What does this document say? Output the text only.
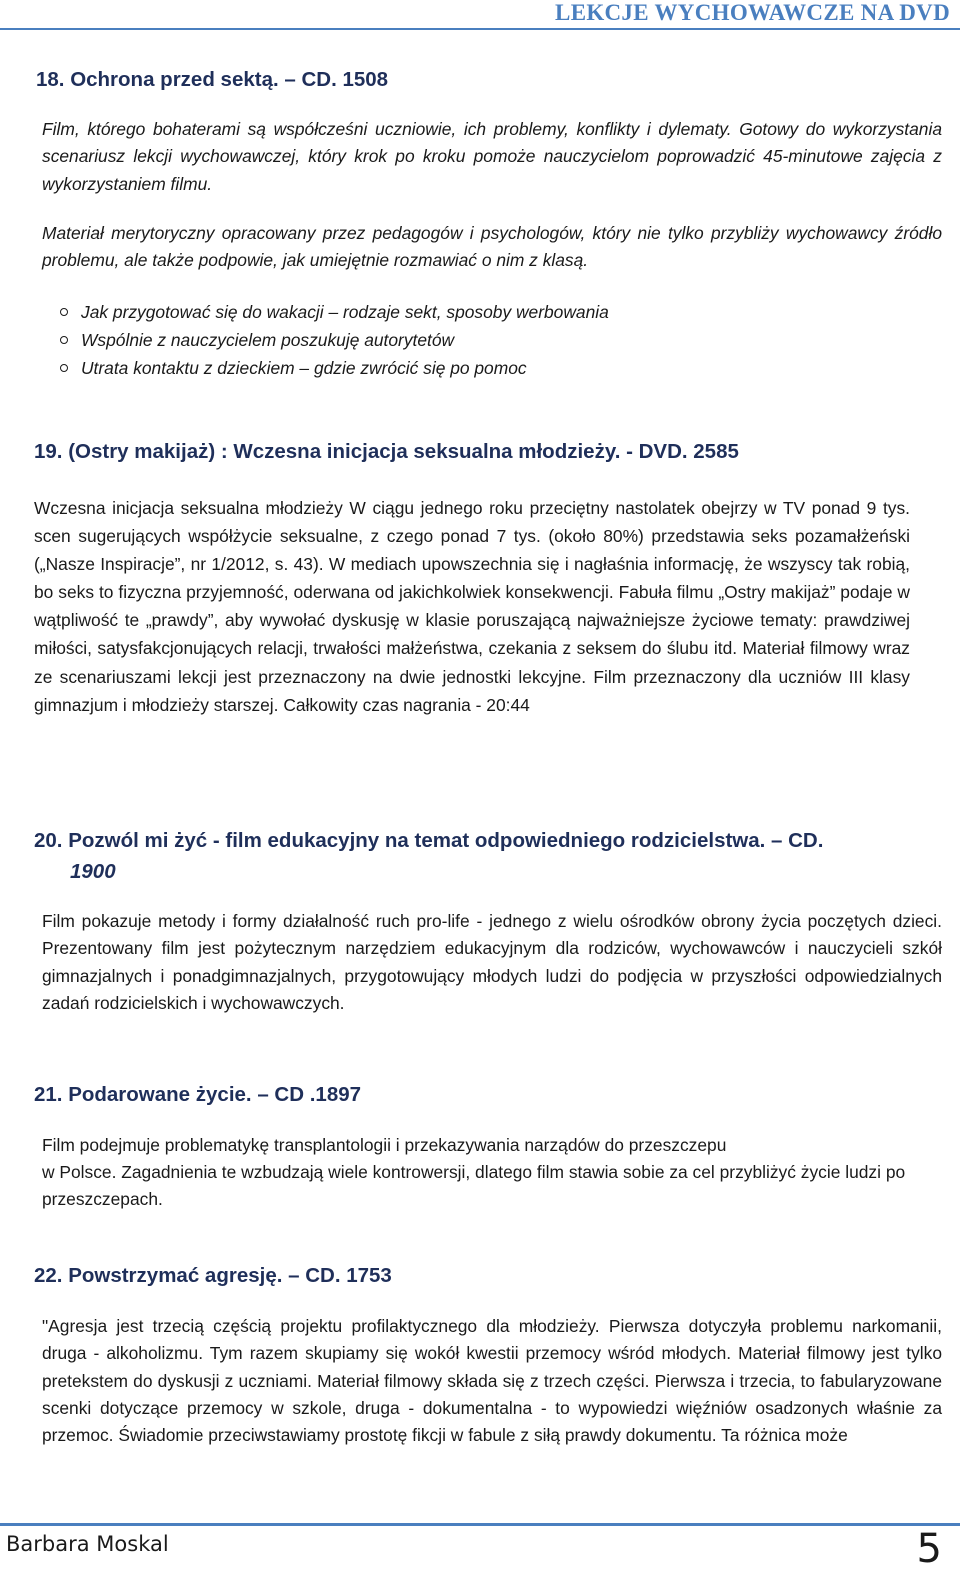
LEKCJE WYCHOWAWCZE NA DVD
18. Ochrona przed sektą. – CD. 1508
Film, którego bohaterami są współcześni uczniowie, ich problemy, konflikty i dylematy. Gotowy do wykorzystania scenariusz lekcji wychowawczej, który krok po kroku pomoże nauczycielom poprowadzić 45-minutowe zajęcia z wykorzystaniem filmu.
Materiał merytoryczny opracowany przez pedagogów i psychologów, który nie tylko przybliży wychowawcy źródło problemu, ale także podpowie, jak umiejętnie rozmawiać o nim z klasą.
Jak przygotować się do wakacji – rodzaje sekt, sposoby werbowania
Wspólnie z nauczycielem poszukuję autorytetów
Utrata kontaktu z dzieckiem – gdzie zwrócić się po pomoc
19. (Ostry makijaż) : Wczesna inicjacja seksualna młodzieży. - DVD. 2585
Wczesna inicjacja seksualna młodzieży W ciągu jednego roku przeciętny nastolatek obejrzy w TV ponad 9 tys. scen sugerujących współżycie seksualne, z czego ponad 7 tys. (około 80%) przedstawia seks pozamałżeński („Nasze Inspiracje”, nr 1/2012, s. 43). W mediach upowszechnia się i nagłaśnia informację, że wszyscy tak robią, bo seks to fizyczna przyjemność, oderwana od jakichkolwiek konsekwencji. Fabuła filmu „Ostry makijaż” podaje w wątpliwość te „prawdy”, aby wywołać dyskusję w klasie poruszającą najważniejsze życiowe tematy: prawdziwej miłości, satysfakcjonujących relacji, trwałości małżeństwa, czekania z seksem do ślubu itd. Materiał filmowy wraz ze scenariuszami lekcji jest przeznaczony na dwie jednostki lekcyjne. Film przeznaczony dla uczniów III klasy gimnazjum i młodzieży starszej. Całkowity czas nagrania - 20:44
20. Pozwól mi żyć - film edukacyjny na temat odpowiedniego rodzicielstwa. – CD.
1900
Film pokazuje metody i formy działalność ruch pro-life - jednego z wielu ośrodków obrony życia poczętych dzieci. Prezentowany film jest pożytecznym narzędziem edukacyjnym dla rodziców, wychowawców i nauczycieli szkół gimnazjalnych i ponadgimnazjalnych, przygotowujący młodych ludzi do podjęcia w przyszłości odpowiedzialnych zadań rodzicielskich i wychowawczych.
21. Podarowane życie. – CD .1897
Film podejmuje problematykę transplantologii i przekazywania narządów do przeszczepu
w Polsce. Zagadnienia te wzbudzają wiele kontrowersji, dlatego film stawia sobie za cel przybliżyć życie ludzi po przeszczepach.
22. Powstrzymać agresję. – CD. 1753
"Agresja jest trzecią częścią projektu profilaktycznego dla młodzieży. Pierwsza dotyczyła problemu narkomanii, druga - alkoholizmu. Tym razem skupiamy się wokół kwestii przemocy wśród młodych. Materiał filmowy jest tylko pretekstem do dyskusji z uczniami. Materiał filmowy składa się z trzech części. Pierwsza i trzecia, to fabularyzowane scenki dotyczące przemocy w szkole, druga - dokumentalna - to wypowiedzi więźniów osadzonych właśnie za przemoc. Świadomie przeciwstawiamy prostotę fikcji w fabule z siłą prawdy dokumentu. Ta różnica może
Barbara Moskal	5
